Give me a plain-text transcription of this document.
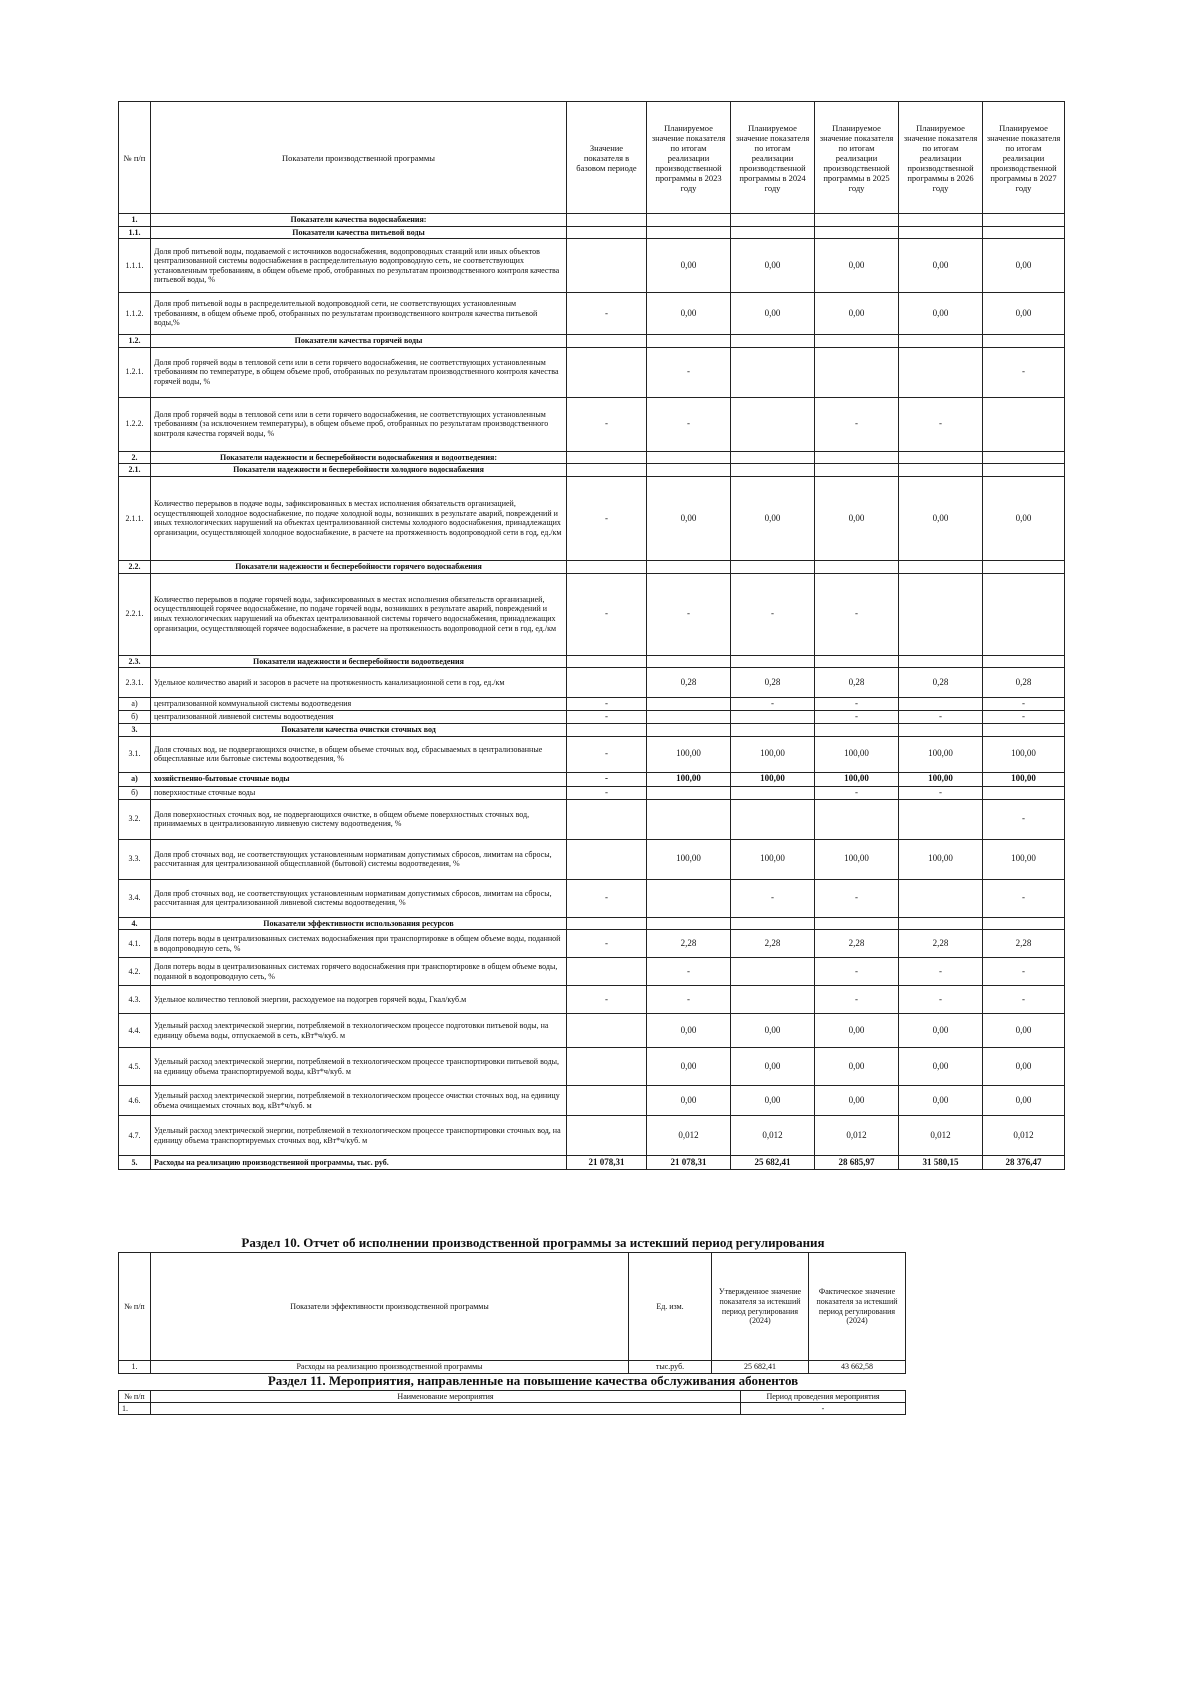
№ п/п	Показатели производственной программы	Значение показателя в базовом периоде	Планируемое значение показателя по итогам реализации производственной программы в 2023 году	Планируемое значение показателя по итогам реализации производственной программы в 2024 году	Планируемое значение показателя по итогам реализации производственной программы в 2025 году	Планируемое значение показателя по итогам реализации производственной программы в 2026 году	Планируемое значение показателя по итогам реализации производственной программы в 2027 году
1.	Показатели качества водоснабжения:						
1.1.	Показатели качества питьевой воды						
1.1.1.	Доля проб питьевой воды, подаваемой с источников водоснабжения, водопроводных станций или иных объектов централизованной системы водоснабжения в распределительную водопроводную сеть, не соответствующих установленным требованиям, в общем объеме проб, отобранных по результатам производственного контроля качества питьевой воды, %		0,00	0,00	0,00	0,00	0,00
1.1.2.	Доля проб питьевой воды в распределительной водопроводной сети, не соответствующих установленным требованиям, в общем объеме проб, отобранных по результатам производственного контроля качества питьевой воды,%	-	0,00	0,00	0,00	0,00	0,00
1.2.	Показатели качества горячей воды						
1.2.1.	Доля проб горячей воды в тепловой сети или в сети горячего водоснабжения, не соответствующих установленным требованиям по температуре, в общем объеме проб, отобранных по результатам производственного контроля качества горячей воды, %		-				-
1.2.2.	Доля проб горячей воды в тепловой сети или в сети горячего водоснабжения, не соответствующих установленным требованиям (за исключением температуры), в общем объеме проб, отобранных по результатам производственного контроля качества горячей воды, %	-	-		-	-	
2.	Показатели надежности и бесперебойности водоснабжения и водоотведения:						
2.1.	Показатели надежности и бесперебойности холодного водоснабжения						
2.1.1.	Количество перерывов в подаче воды, зафиксированных в местах исполнения обязательств организацией, осуществляющей холодное водоснабжение, по подаче холодной воды, возникших в результате аварий, повреждений и иных технологических нарушений на объектах централизованной системы холодного водоснабжения, принадлежащих организации, осуществляющей холодное водоснабжение, в расчете на протяженность водопроводной сети в год, ед./км	-	0,00	0,00	0,00	0,00	0,00
2.2.	Показатели надежности и бесперебойности горячего водоснабжения						
2.2.1.	Количество перерывов в подаче горячей воды, зафиксированных в местах исполнения обязательств организацией, осуществляющей горячее водоснабжение, по подаче горячей воды, возникших в результате аварий, повреждений и иных технологических нарушений на объектах централизованной системы горячего водоснабжения, принадлежащих организации, осуществляющей горячее водоснабжение, в расчете на протяженность водопроводной сети в год, ед./км	-	-	-	-		
2.3.	Показатели надежности и бесперебойности водоотведения						
2.3.1.	Удельное количество аварий и засоров в расчете на протяженность канализационной сети в год, ед./км		0,28	0,28	0,28	0,28	0,28
а)	централизованной коммунальной системы водоотведения	-		-	-		-
б)	централизованной ливневой системы водоотведения	-			-	-	-
3.	Показатели качества очистки сточных вод						
3.1.	Доля сточных вод, не подвергающихся очистке, в общем объеме сточных вод, сбрасываемых в централизованные общесплавные или бытовые системы водоотведения, %	-	100,00	100,00	100,00	100,00	100,00
а)	хозяйственно-бытовые сточные воды	-	100,00	100,00	100,00	100,00	100,00
б)	поверхностные сточные воды	-			-	-	
3.2.	Доля поверхностных сточных вод, не подвергающихся очистке, в общем объеме поверхностных сточных вод, принимаемых в централизованную ливневую систему водоотведения, %						-
3.3.	Доля проб сточных вод, не соответствующих установленным нормативам допустимых сбросов, лимитам на сбросы, рассчитанная для централизованной общесплавной (бытовой) системы водоотведения, %		100,00	100,00	100,00	100,00	100,00
3.4.	Доля проб сточных вод, не соответствующих установленным нормативам допустимых сбросов, лимитам на сбросы, рассчитанная для централизованной ливневой системы водоотведения, %	-		-	-		-
4.	Показатели эффективности использования ресурсов						
4.1.	Доля потерь воды в централизованных системах водоснабжения при транспортировке в общем объеме воды, поданной в водопроводную сеть, %	-	2,28	2,28	2,28	2,28	2,28
4.2.	Доля потерь воды в централизованных системах горячего водоснабжения при транспортировке в общем объеме воды, поданной в водопроводную сеть, %		-		-	-	-
4.3.	Удельное количество тепловой энергии, расходуемое на подогрев горячей воды, Гкал/куб.м	-	-		-	-	-
4.4.	Удельный расход электрической энергии, потребляемой в технологическом процессе подготовки питьевой воды, на единицу объема воды, отпускаемой в сеть, кВт*ч/куб. м		0,00	0,00	0,00	0,00	0,00
4.5.	Удельный расход электрической энергии, потребляемой в технологическом процессе транспортировки питьевой воды, на единицу объема транспортируемой воды, кВт*ч/куб. м		0,00	0,00	0,00	0,00	0,00
4.6.	Удельный расход электрической энергии, потребляемой в технологическом процессе очистки сточных вод, на единицу объема очищаемых сточных вод, кВт*ч/куб. м		0,00	0,00	0,00	0,00	0,00
4.7.	Удельный расход электрической энергии, потребляемой в технологическом процессе транспортировки сточных вод, на единицу объема транспортируемых сточных вод, кВт*ч/куб. м		0,012	0,012	0,012	0,012	0,012
5.	Расходы на реализацию производственной программы, тыс. руб.	21 078,31	21 078,31	25 682,41	28 685,97	31 580,15	28 376,47
Раздел 10. Отчет об исполнении производственной программы за истекший период регулирования
№ п/п	Показатели эффективности производственной программы	Ед. изм.	Утвержденное значение показателя за истекший период регулирования (2024)	Фактическое значение показателя за истекший период регулирования (2024)
1.	Расходы на реализацию производственной программы	тыс.руб.	25 682,41	43 662,58
Раздел 11. Мероприятия, направленные на повышение качества обслуживания абонентов
№ п/п	Наименование мероприятия	Период проведения мероприятия
1.		-
